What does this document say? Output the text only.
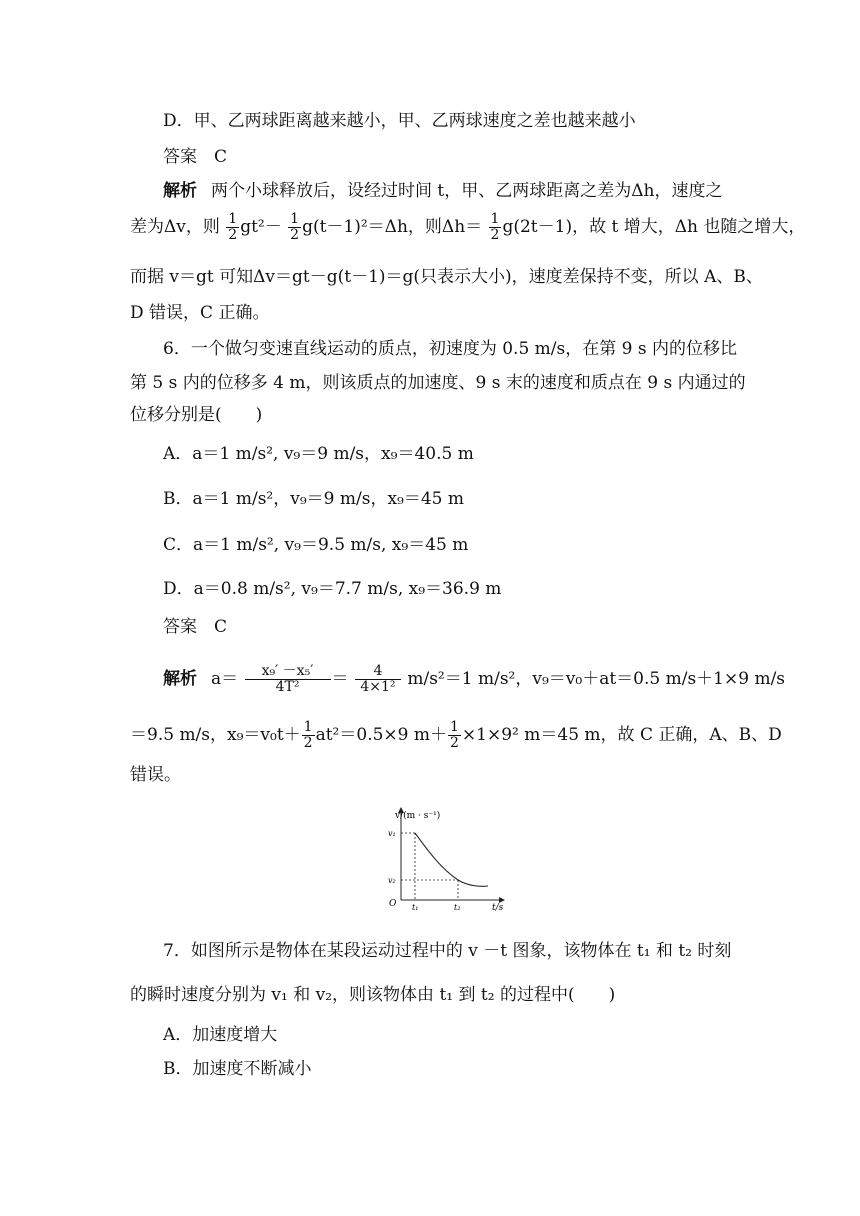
D．甲、乙两球距离越来越小，甲、乙两球速度之差也越来越小
答案　C
解析 两个小球释放后，设经过时间 t，甲、乙两球距离之差为Δh，速度之
差为Δv，则 $\frac{1}{2} gt^2- \frac{1}{2} g(t-1)^2=\Delta h$，则$\Delta h= \frac{1}{2} g(2t-1)$，故 t 增大，Δh 也随之增大，
而据 v＝gt 可知Δv＝gt－g(t－1)＝g(只表示大小)，速度差保持不变，所以 A、B、
D 错误，C 正确。
6．一个做匀变速直线运动的质点，初速度为 0.5 m/s，在第 9 s 内的位移比
第 5 s 内的位移多 4 m，则该质点的加速度、9 s 末的速度和质点在 9 s 内通过的
位移分别是(　　)
A．a＝1 m/s², v₉＝9 m/s，x₉＝40.5 m
B．a＝1 m/s²，v₉＝9 m/s，x₉＝45 m
C．a＝1 m/s², v₉＝9.5 m/s, x₉＝45 m
D．a＝0.8 m/s², v₉＝7.7 m/s, x₉＝36.9 m
答案　C
解析 $a= \frac{\text{x₉′ －x₅′}}{\text{4T²}} = \frac{4}{\text{4×1²}} m/s^2=1$ m/s²，v₉＝v₀＋at＝0.5 m/s＋1×9 m/s
＝9.5 m/s，$x_9=v_0t+ \frac{1}{2} at^2=0.5\times 9$ $m+ \frac{1}{2} \times 1\times 9^2$ m＝45 m，故 C 正确，A、B、D
错误。
v/(m · s⁻¹)
v₁
v₂
O t₁	t₂	t/s
7．如图所示是物体在某段运动过程中的 v －t 图象，该物体在 t₁ 和 t₂ 时刻
的瞬时速度分别为 v₁ 和 v₂，则该物体由 t₁ 到 t₂ 的过程中(　　)
A．加速度增大
B．加速度不断减小
